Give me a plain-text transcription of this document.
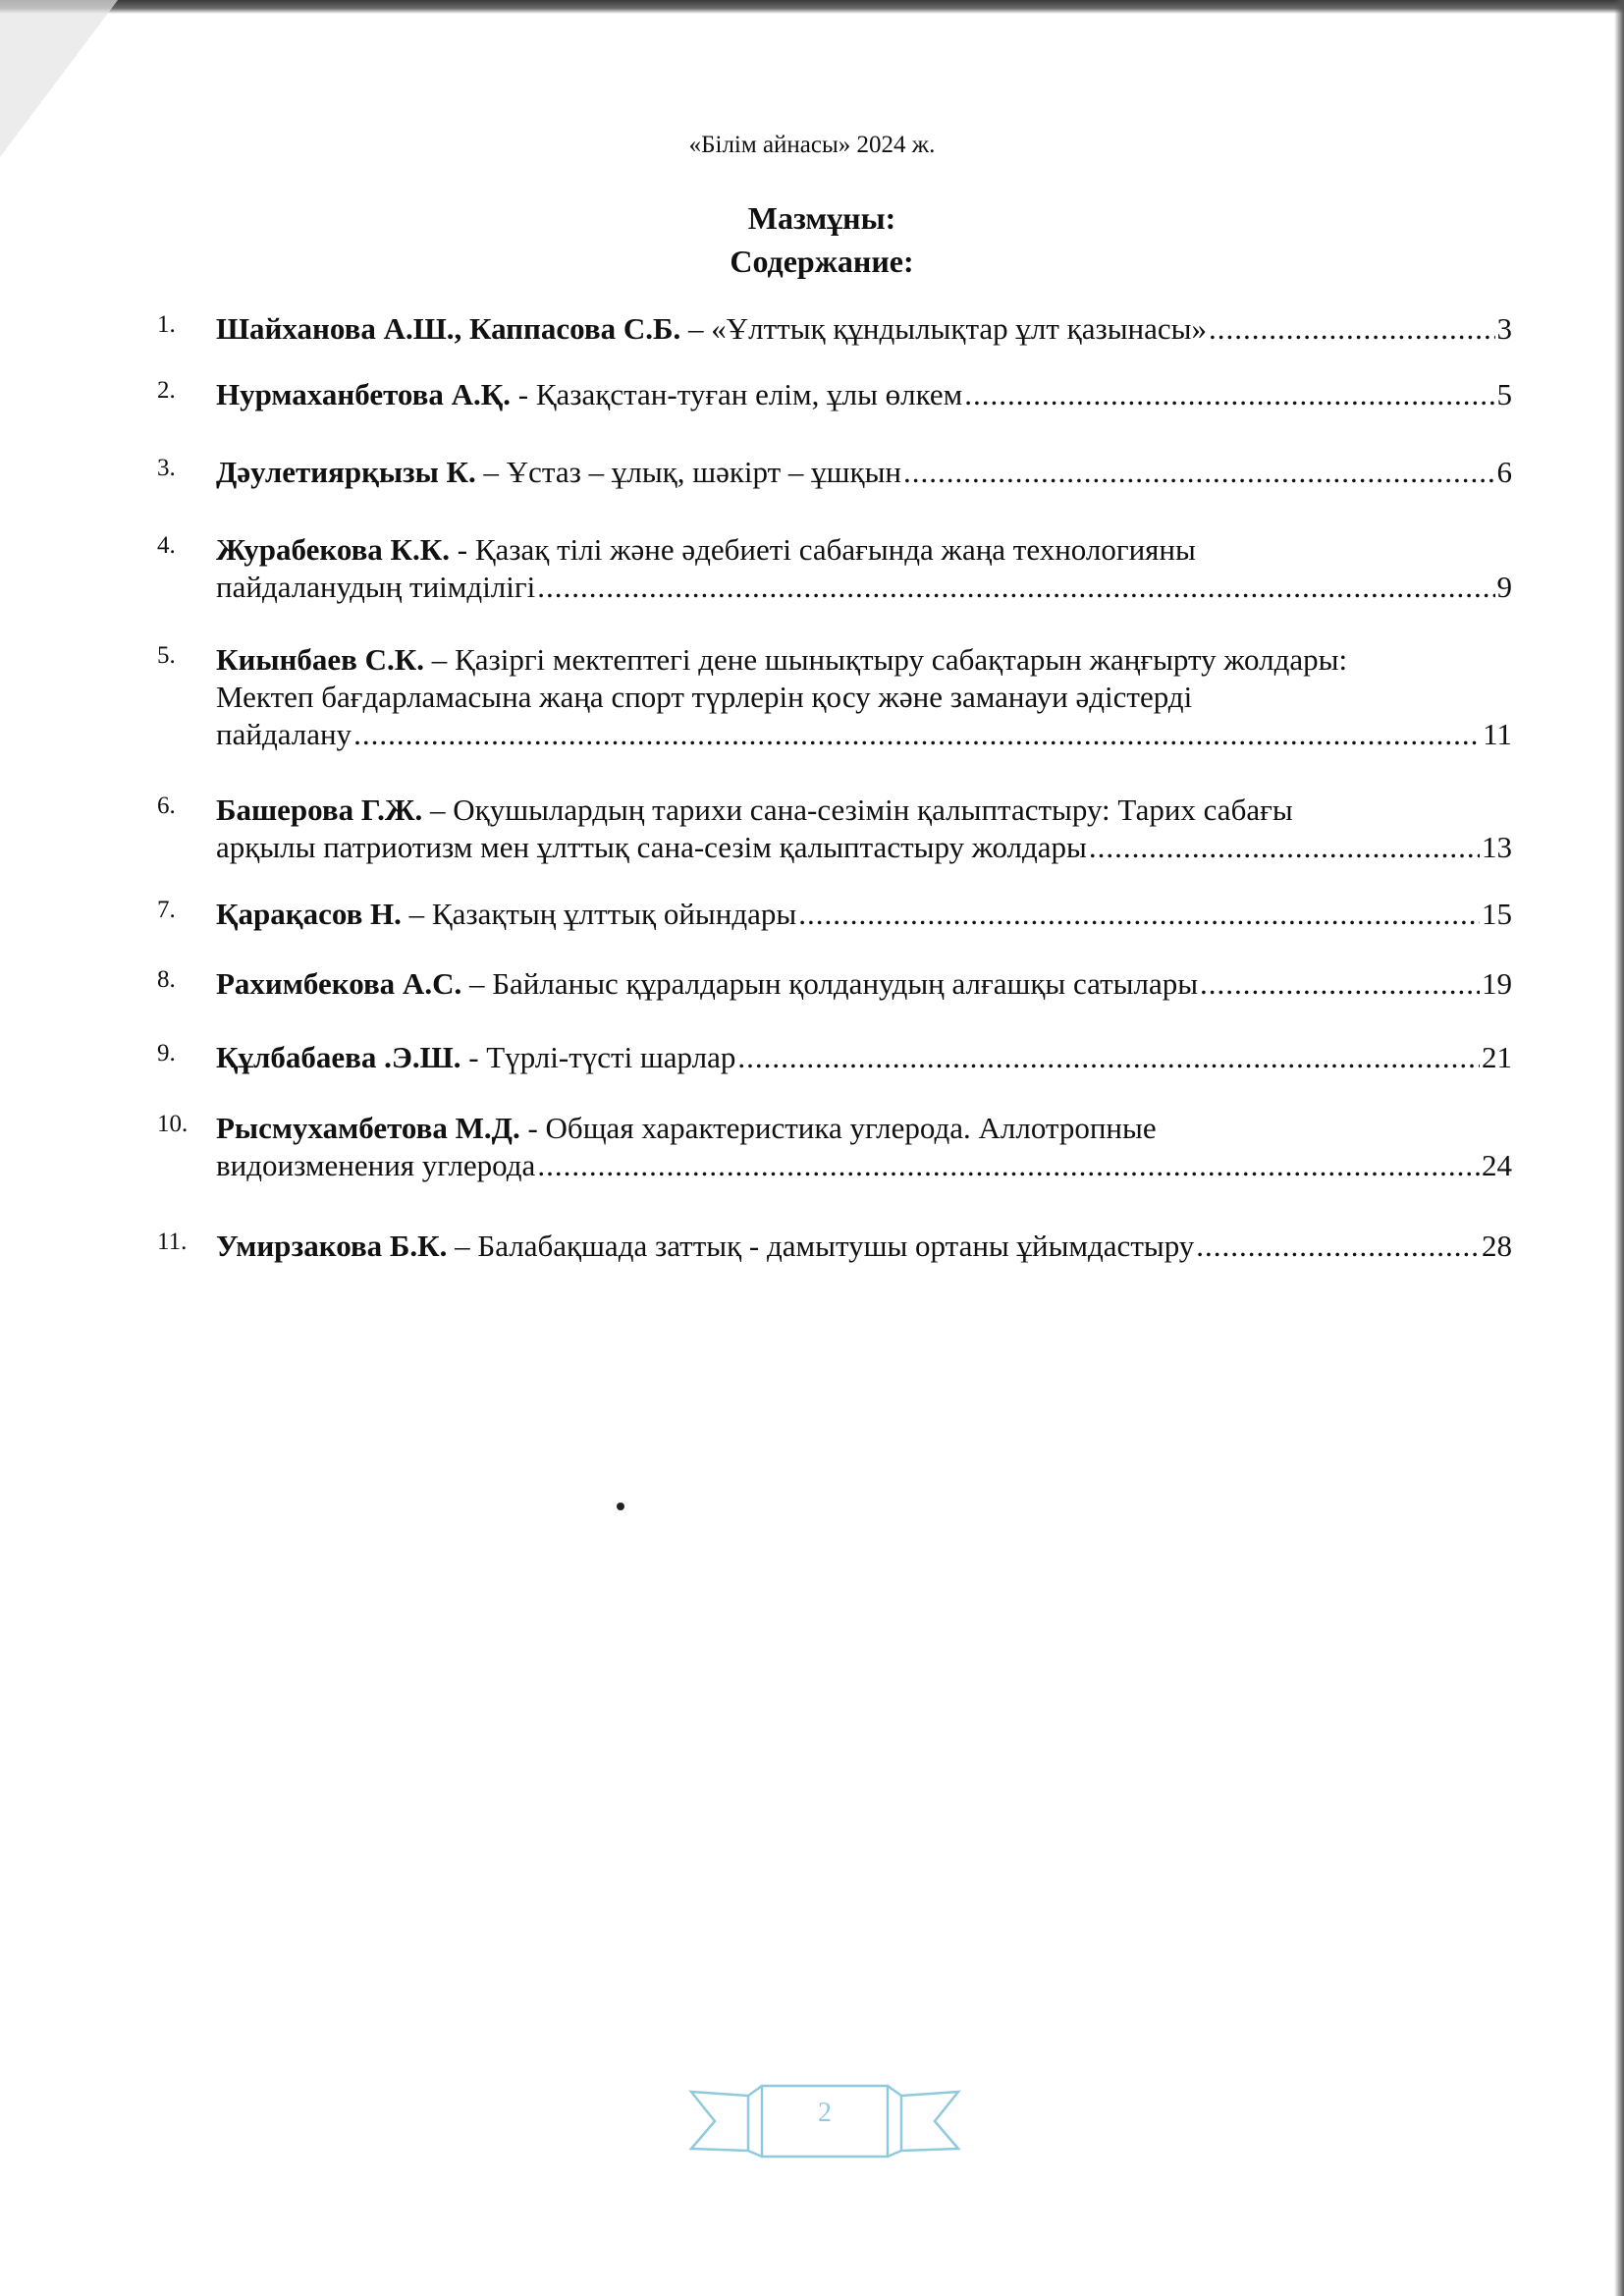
«Білім айнасы» 2024 ж.
Мазмұны:
Содержание:
1.	Шайханова А.Ш., Каппасова С.Б. – «Ұлттық құндылықтар ұлт қазынасы» .....	3
2.	Нурмаханбетова А.Қ. - Қазақстан-туған елім, ұлы өлкем .....	5
3.	Дәулетиярқызы К. – Ұстаз – ұлық, шәкірт – ұшқын .....	6
4.	Журабекова К.К. - Қазақ тілі және әдебиеті сабағында жаңа технологияны
пайдаланудың тиімділігі .....	9
5.	Киынбаев С.К. – Қазіргі мектептегі дене шынықтыру сабақтарын жаңғырту жолдары:
Мектеп бағдарламасына жаңа спорт түрлерін қосу және заманауи әдістерді
пайдалану .....	11
6.	Башерова Г.Ж. – Оқушылардың тарихи сана-сезімін қалыптастыру: Тарих сабағы
арқылы патриотизм мен ұлттық сана-сезім қалыптастыру жолдары .....	13
7.	Қарақасов Н. – Қазақтың ұлттық ойындары .....	15
8.	Рахимбекова А.С. – Байланыс құралдарын қолданудың алғашқы сатылары .....	19
9.	Құлбабаева .Э.Ш. - Түрлі-түсті шарлар .....	21
10. Рысмухамбетова М.Д. - Общая характеристика углерода. Аллотропные
видоизменения углерода .....	24
11. Умирзакова Б.К. – Балабақшада заттық - дамытушы ортаны ұйымдастыру .....	28
2
